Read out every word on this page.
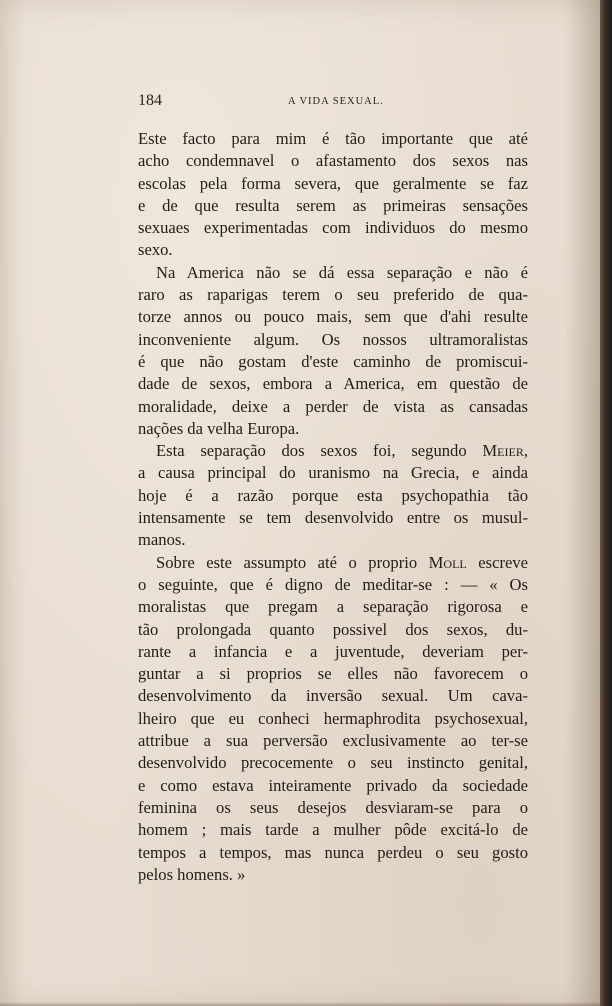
184	A VIDA SEXUAL.
Este facto para mim é tão importante que até
acho condemnavel o afastamento dos sexos nas
escolas pela forma severa, que geralmente se faz
e de que resulta serem as primeiras sensações
sexuaes experimentadas com individuos do mesmo
sexo.
Na America não se dá essa separação e não é
raro as raparigas terem o seu preferido de qua-
torze annos ou pouco mais, sem que d'ahi resulte
inconveniente algum. Os nossos ultramoralistas
é que não gostam d'este caminho de promiscui-
dade de sexos, embora a America, em questão de
moralidade, deixe a perder de vista as cansadas
nações da velha Europa.
Esta separação dos sexos foi, segundo Meier,
a causa principal do uranismo na Grecia, e ainda
hoje é a razão porque esta psychopathia tão
intensamente se tem desenvolvido entre os musul-
manos.
Sobre este assumpto até o proprio Moll escreve
o seguinte, que é digno de meditar-se : — « Os
moralistas que pregam a separação rigorosa e
tão prolongada quanto possivel dos sexos, du-
rante a infancia e a juventude, deveriam per-
guntar a si proprios se elles não favorecem o
desenvolvimento da inversão sexual. Um cava-
lheiro que eu conheci hermaphrodita psychosexual,
attribue a sua perversão exclusivamente ao ter-se
desenvolvido precocemente o seu instincto genital,
e como estava inteiramente privado da sociedade
feminina os seus desejos desviaram-se para o
homem ; mais tarde a mulher pôde excitá-lo de
tempos a tempos, mas nunca perdeu o seu gosto
pelos homens. »
